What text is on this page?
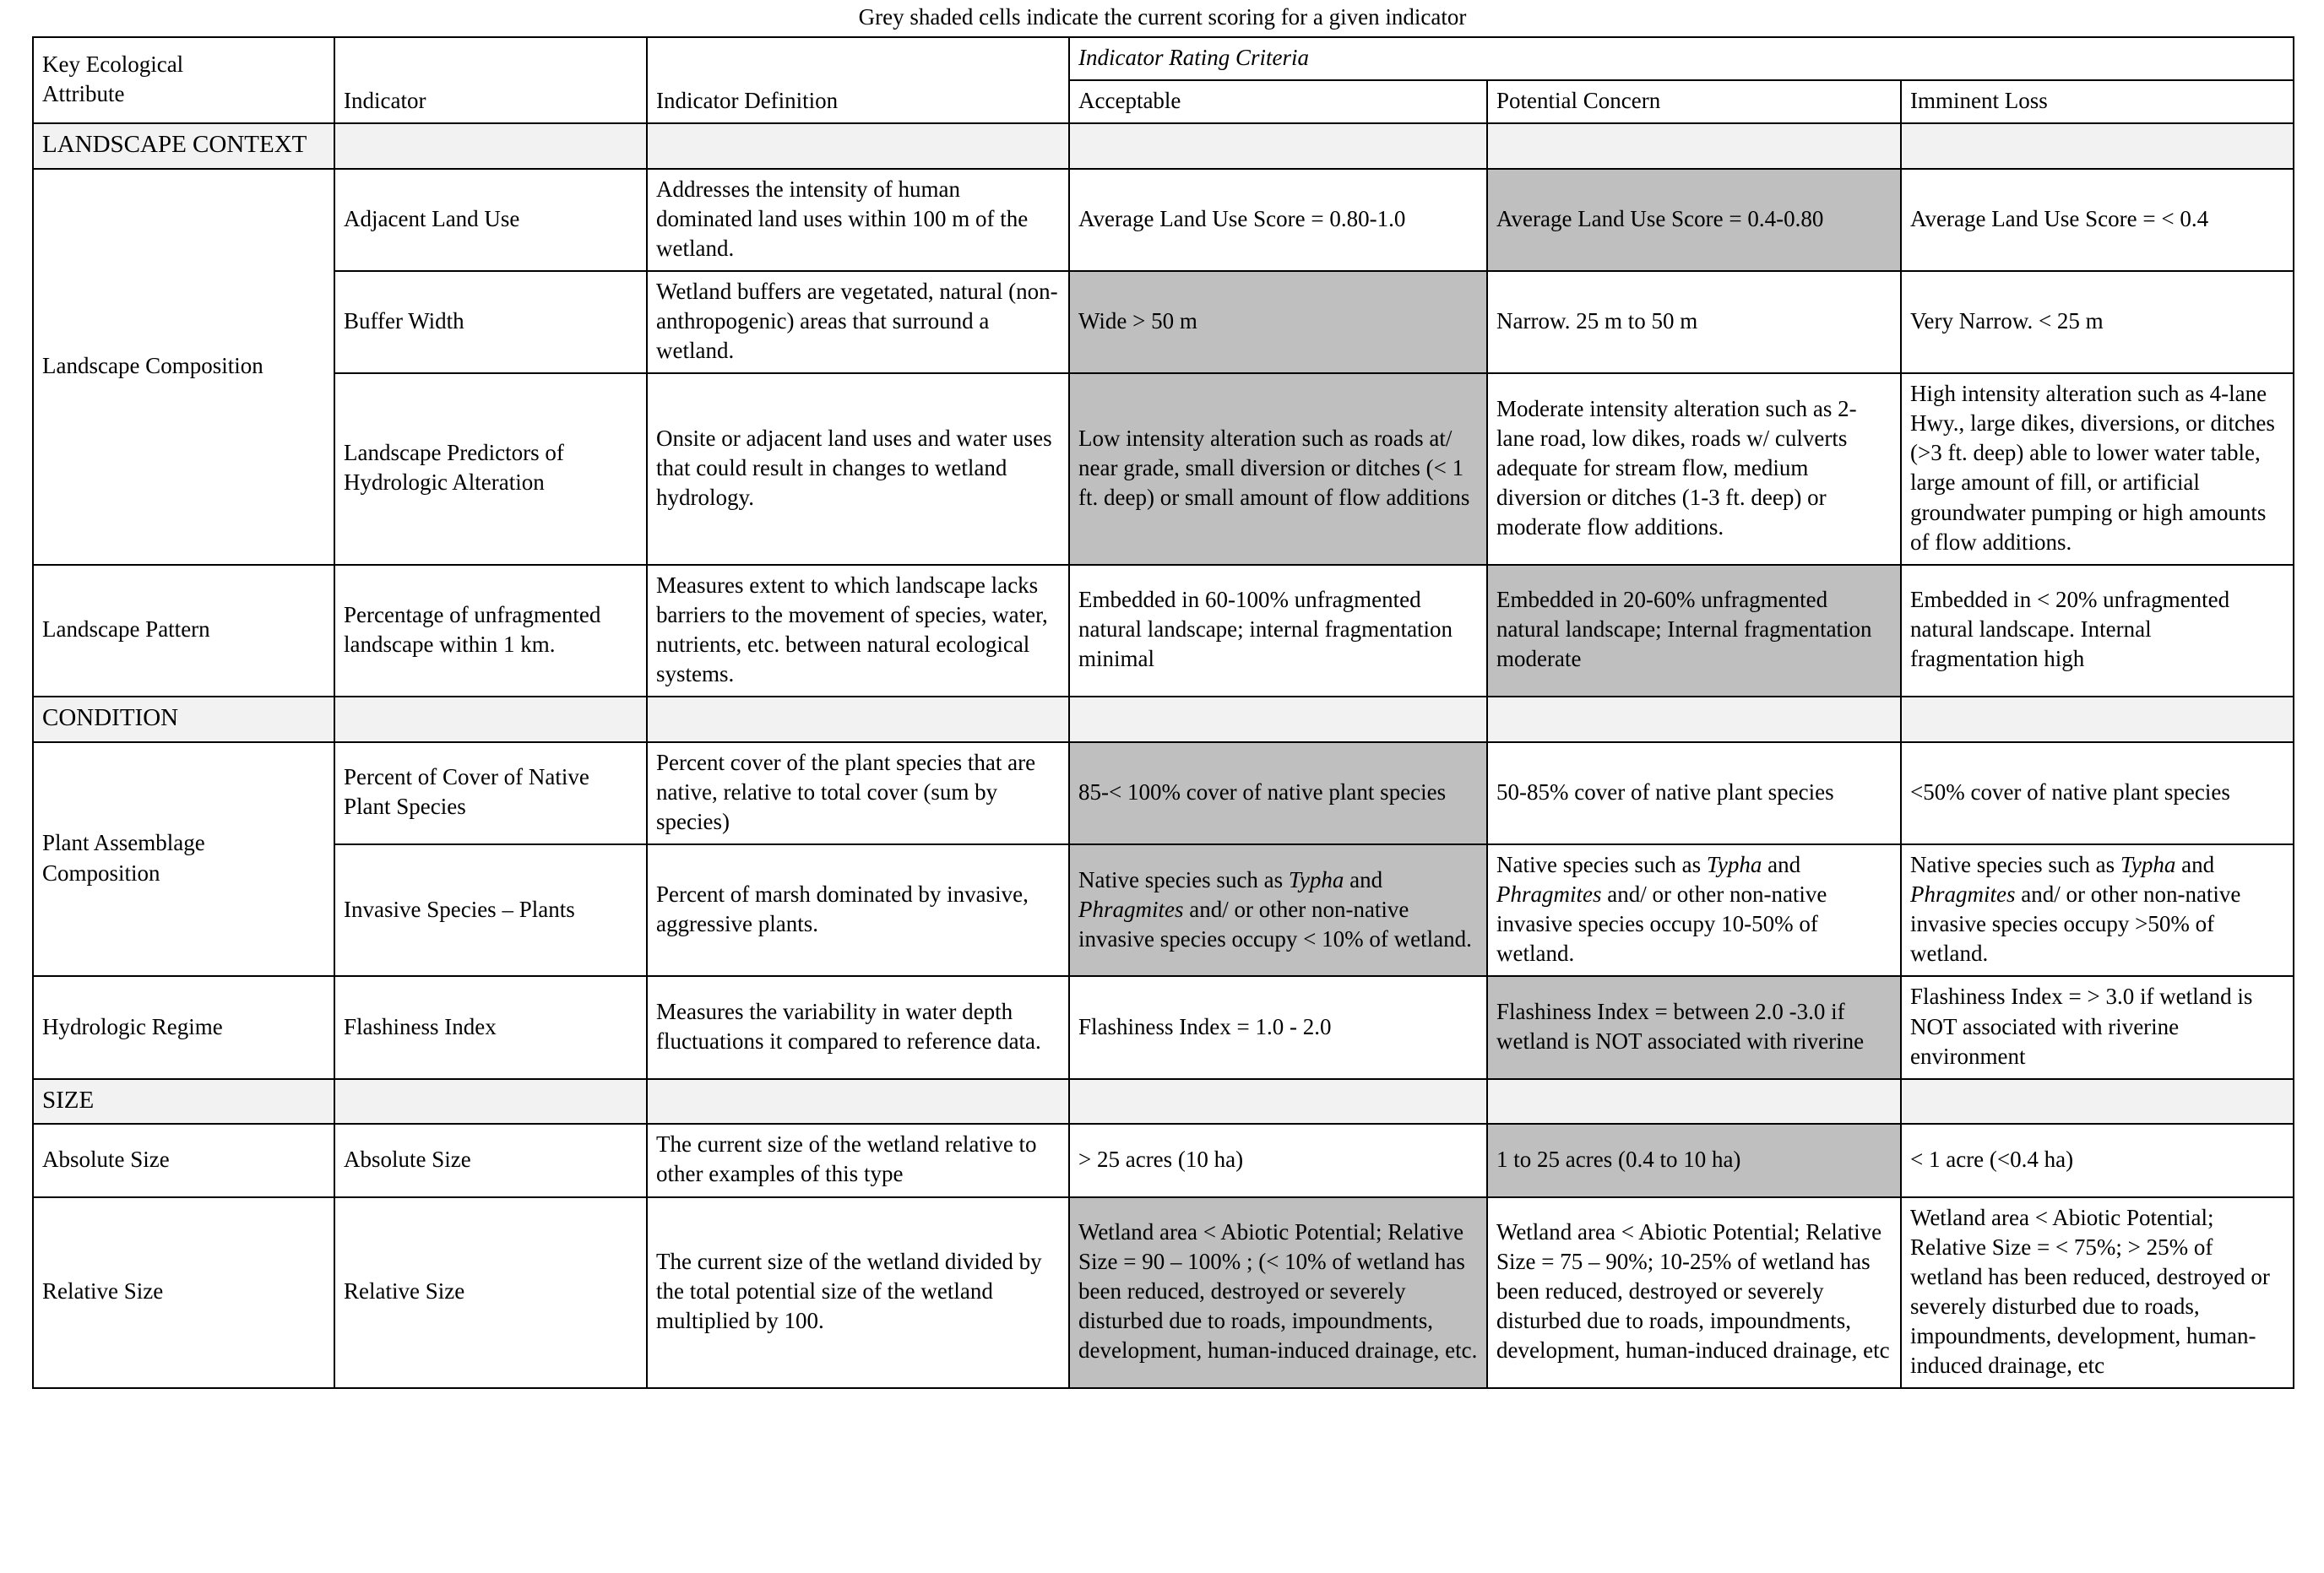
Grey shaded cells indicate the current scoring for a given indicator
Key Ecological
Attribute	Indicator	Indicator Definition	Indicator Rating Criteria		
			Acceptable	Potential Concern	Imminent Loss
LANDSCAPE CONTEXT					
Landscape Composition	Adjacent Land Use	Addresses the intensity of human dominated land uses within 100 m of the wetland.	Average Land Use Score = 0.80-1.0	Average Land Use Score = 0.4-0.80	Average Land Use Score = < 0.4
	Buffer Width	Wetland buffers are vegetated, natural (non-anthropogenic) areas that surround a wetland.	Wide > 50 m	Narrow. 25 m to 50 m	Very Narrow. < 25 m
	Landscape Predictors of Hydrologic Alteration	Onsite or adjacent land uses and water uses that could result in changes to wetland hydrology.	Low intensity alteration such as roads at/ near grade, small diversion or ditches (< 1 ft. deep) or small amount of flow additions	Moderate intensity alteration such as 2-lane road, low dikes, roads w/ culverts adequate for stream flow, medium diversion or ditches (1-3 ft. deep) or moderate flow additions.	High intensity alteration such as 4-lane Hwy., large dikes, diversions, or ditches (>3 ft. deep) able to lower water table, large amount of fill, or artificial groundwater pumping or high amounts of flow additions.
Landscape Pattern	Percentage of unfragmented landscape within 1 km.	Measures extent to which landscape lacks barriers to the movement of species, water, nutrients, etc. between natural ecological systems.	Embedded in 60-100% unfragmented natural landscape; internal fragmentation minimal	Embedded in 20-60% unfragmented natural landscape; Internal fragmentation moderate	Embedded in < 20% unfragmented natural landscape. Internal fragmentation high
CONDITION					
Plant Assemblage Composition	Percent of Cover of Native Plant Species	Percent cover of the plant species that are native, relative to total cover (sum by species)	85-< 100% cover of native plant species	50-85% cover of native plant species	<50% cover of native plant species
	Invasive Species – Plants	Percent of marsh dominated by invasive, aggressive plants.	Native species such as Typha and Phragmites and/ or other non-native invasive species occupy < 10% of wetland.	Native species such as Typha and Phragmites and/ or other non-native invasive species occupy 10-50% of wetland.	Native species such as Typha and Phragmites and/ or other non-native invasive species occupy >50% of wetland.
Hydrologic Regime	Flashiness Index	Measures the variability in water depth fluctuations it compared to reference data.	Flashiness Index = 1.0 - 2.0	Flashiness Index = between 2.0 -3.0 if wetland is NOT associated with riverine	Flashiness Index = > 3.0 if wetland is NOT associated with riverine environment
SIZE					
Absolute Size	Absolute Size	The current size of the wetland relative to other examples of this type	> 25 acres (10 ha)	1 to 25 acres (0.4 to 10 ha)	< 1 acre (<0.4 ha)
Relative Size	Relative Size	The current size of the wetland divided by the total potential size of the wetland multiplied by 100.	Wetland area < Abiotic Potential; Relative Size = 90 – 100% ; (< 10% of wetland has been reduced, destroyed or severely disturbed due to roads, impoundments, development, human-induced drainage, etc.	Wetland area < Abiotic Potential; Relative Size = 75 – 90%; 10-25% of wetland has been reduced, destroyed or severely disturbed due to roads, impoundments, development, human-induced drainage, etc	Wetland area < Abiotic Potential; Relative Size = < 75%; > 25% of wetland has been reduced, destroyed or severely disturbed due to roads, impoundments, development, human-induced drainage, etc
